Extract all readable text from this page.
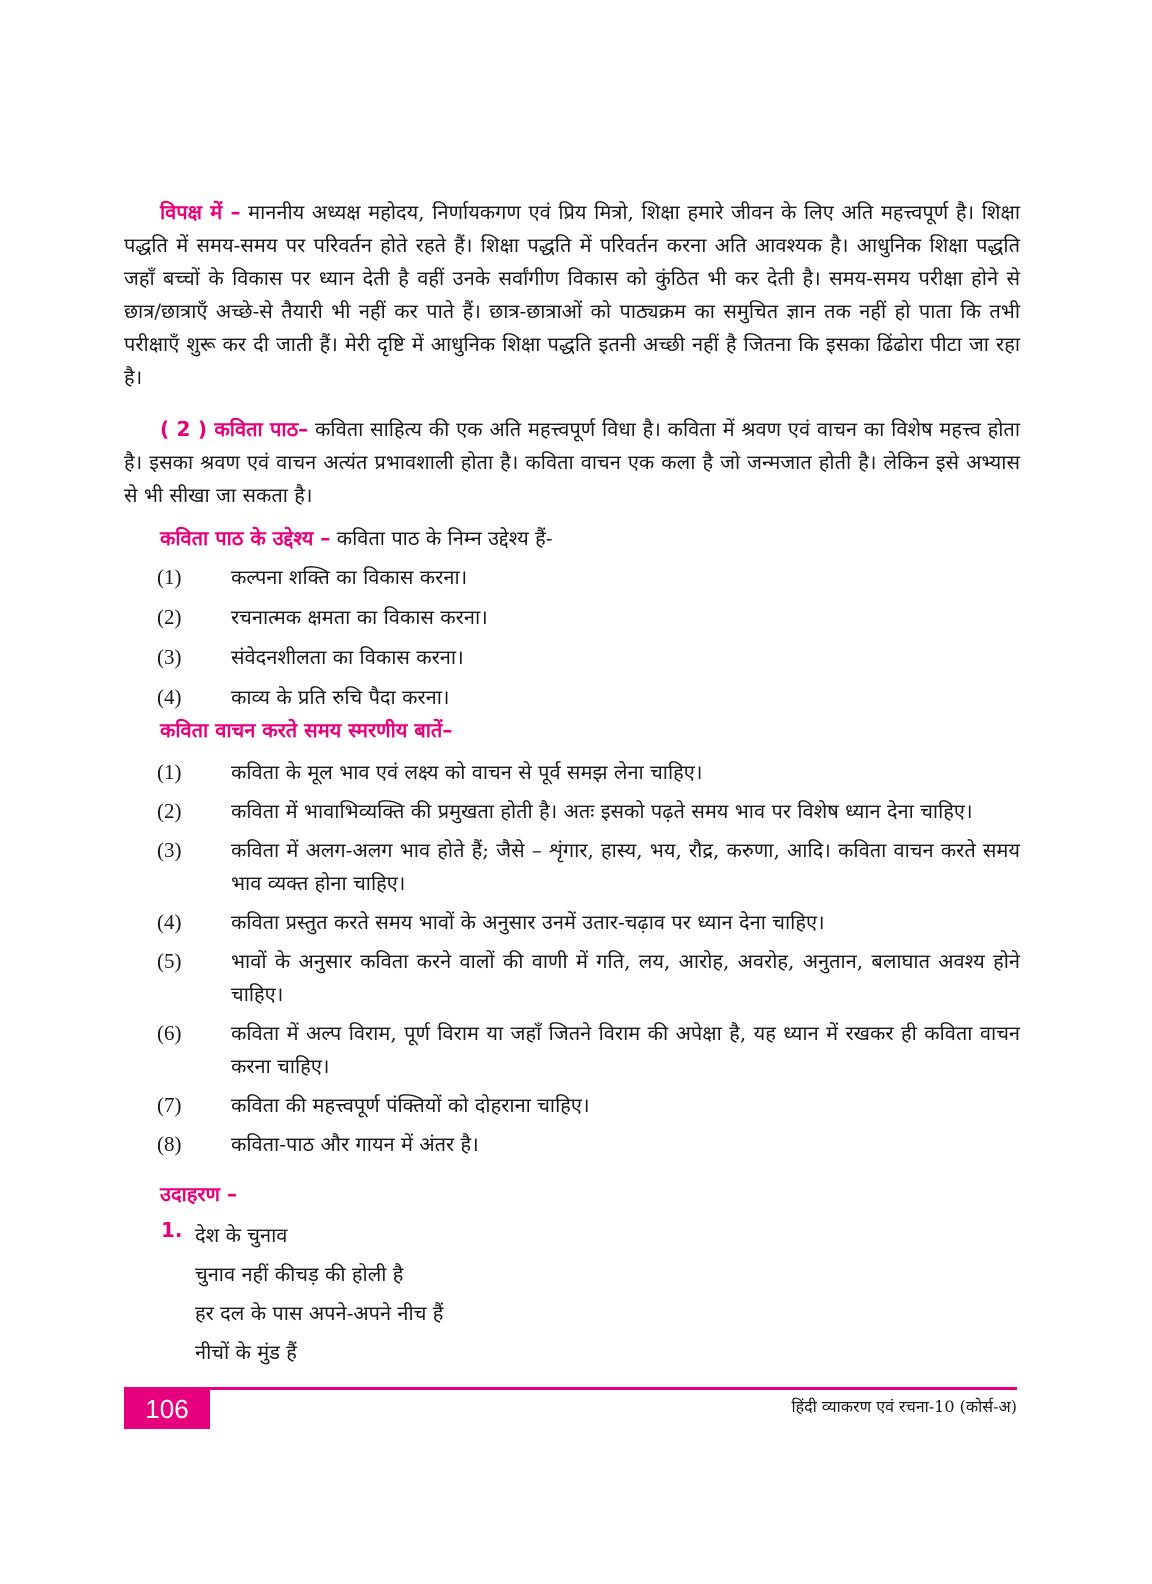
विपक्ष में – माननीय अध्यक्ष महोदय, निर्णायकगण एवं प्रिय मित्रो, शिक्षा हमारे जीवन के लिए अति महत्त्वपूर्ण है। शिक्षा पद्धति में समय-समय पर परिवर्तन होते रहते हैं। शिक्षा पद्धति में परिवर्तन करना अति आवश्यक है। आधुनिक शिक्षा पद्धति जहाँ बच्चों के विकास पर ध्यान देती है वहीं उनके सर्वांगीण विकास को कुंठित भी कर देती है। समय-समय परीक्षा होने से छात्र/छात्राएँ अच्छे-से तैयारी भी नहीं कर पाते हैं। छात्र-छात्राओं को पाठ्यक्रम का समुचित ज्ञान तक नहीं हो पाता कि तभी परीक्षाएँ शुरू कर दी जाती हैं। मेरी दृष्टि में आधुनिक शिक्षा पद्धति इतनी अच्छी नहीं है जितना कि इसका ढिंढोरा पीटा जा रहा है।

( 2 ) कविता पाठ– कविता साहित्य की एक अति महत्त्वपूर्ण विधा है। कविता में श्रवण एवं वाचन का विशेष महत्त्व होता है। इसका श्रवण एवं वाचन अत्यंत प्रभावशाली होता है। कविता वाचन एक कला है जो जन्मजात होती है। लेकिन इसे अभ्यास से भी सीखा जा सकता है।

कविता पाठ के उद्देश्य – कविता पाठ के निम्न उद्देश्य हैं-

(1)	कल्पना शक्ति का विकास करना।
(2)	रचनात्मक क्षमता का विकास करना।
(3)	संवेदनशीलता का विकास करना।
(4)	काव्य के प्रति रुचि पैदा करना।

कविता वाचन करते समय स्मरणीय बातें–

(1)	कविता के मूल भाव एवं लक्ष्य को वाचन से पूर्व समझ लेना चाहिए।
(2)	कविता में भावाभिव्यक्ति की प्रमुखता होती है। अतः इसको पढ़ते समय भाव पर विशेष ध्यान देना चाहिए।
(3)	कविता में अलग-अलग भाव होते हैं; जैसे – शृंगार, हास्य, भय, रौद्र, करुणा, आदि। कविता वाचन करते समय भाव व्यक्त होना चाहिए।
(4)	कविता प्रस्तुत करते समय भावों के अनुसार उनमें उतार-चढ़ाव पर ध्यान देना चाहिए।
(5)	भावों के अनुसार कविता करने वालों की वाणी में गति, लय, आरोह, अवरोह, अनुतान, बलाघात अवश्य होने चाहिए।
(6)	कविता में अल्प विराम, पूर्ण विराम या जहाँ जितने विराम की अपेक्षा है, यह ध्यान में रखकर ही कविता वाचन करना चाहिए।
(7)	कविता की महत्त्वपूर्ण पंक्तियों को दोहराना चाहिए।
(8)	कविता-पाठ और गायन में अंतर है।

उदाहरण –

1. देश के चुनाव
चुनाव नहीं कीचड़ की होली है
हर दल के पास अपने-अपने नीच हैं
नीचों के मुंड हैं
106	हिंदी व्याकरण एवं रचना-10 (कोर्स-अ)
